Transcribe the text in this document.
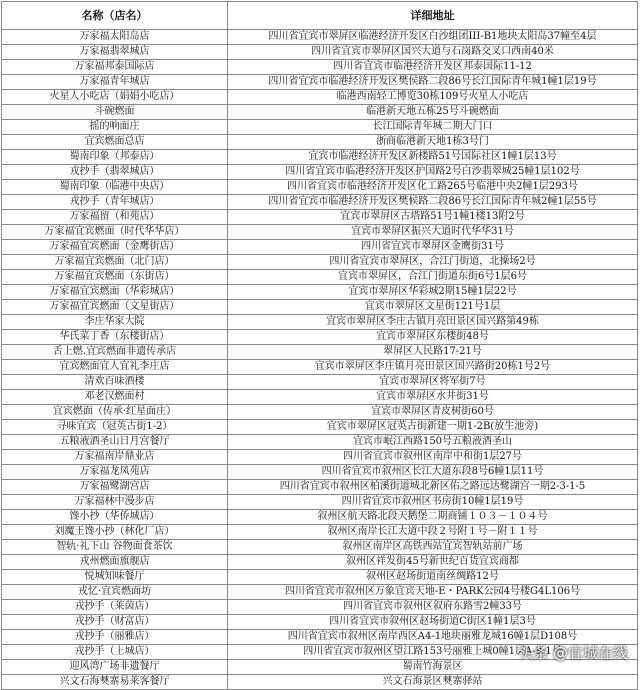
名称（店名）	详细地址
万家福太阳岛店	四川省宜宾市翠屏区临港经济开发区白沙组团III-B1地块太阳岛37幢至4层
万家福翡翠城店	四川省宜宾市翠屏区国兴大道与石岗路交叉口西南40米
万家福邦泰国际店	四川省宜宾市临港经济开发区邦泰国际11-12
万家福青年城店	四川省宜宾市临港经济开发区樊侯路二段86号长江国际青年城1幢1层19号
火星人小吃店（娟娟小吃店）	临港西南轻工博览30栋109号火星人小吃店
斗碗燃面	临港新天地五栋25号斗碗燃面
摇的响面庄	长江国际青年城二期大门口
宜宾燃面总店	浙商临港新天地1栋3号门
蜀南印象（邦泰店）	宜宾市临港经济开发区新楼路51号国际社区1幢1层13号
戎抄手（翡翠城店）	四川省宜宾市临港经济开发区护国路2号白沙翡翠城25幢1层102号
蜀南印象（临港中央店）	四川省宜宾市临港经济开发区化工路265号临港中央2幢1层293号
戎抄手（青年城店）	四川省宜宾市临港经济开发区樊候路二段86号长江国际青年城2幢1层55号
万家福留（和苑店）	宜宾市翠屏区古塔路51号1幢1楼13附2号
万家福宜宾燃面（时代华华店）	宜宾市翠屏区振兴大道时代华华31号
万家福宜宾燃面（金鹰街店）	四川省宜宾市翠屏区金鹰街31号
万家福宜宾燃面（北门店）	四川省宜宾市翠屏区，合江门街道，北操场2号
万家福宜宾燃面（东街店）	宜宾市翠屏区，合江门街道东街6号1层6号
万家福宜宾燃面（华彩城店）	宜宾市翠屏区华彩城2期15幢1层22号
万家福宜宾燃面（文星街店）	宜宾市翠屏区文星街121号1层
李庄华家大院	宜宾市翠屏区李庄古镇月亮田景区国兴路第49栋
华氏菜丁香（东楼街店）	宜宾市翠屏区东楼街48号
舌上燃.宜宾燃面非遗传承店	翠屏区人民路17-21号
宜宾燃面宜人宜礼李庄店	宜宾市翠屏区李庄镇月亮田景区国兴路街20栋1号2号
清欢百味酒楼	宜宾市翠屏区将军街7号
邓老汉燃面村	宜宾市翠屏区水井街31号
宜宾燃面（传承·红星面庄）	宜宾市翠屏区青皮树街60号
寻味宜宾（冠英古街1-2）	宜宾市翠屏区冠英古街新建一期1-2B(放生池旁)
五粮液酒圣山日月宫餐厅	宜宾市岷江西路150号五粮液酒圣山
万家福南岸鼎业店	四川省宜宾市叙州区南岸中和街1层27号
万家福龙凤苑店	四川省宜宾市叙州区长江大道东段8号6幢1层11号
万家福鹭湖宫店	四川省宜宾市叙州区柏溪街道城北新区佑之路远达鹭湖宫一期2-3-1-5
万家福林中漫步店	四川省宜宾市叙州区书房街10幢1层19号
馋小抄（华侨城店）	叙州区航天路北段天鹅堡二期商铺１０３－１０４号
刘魔王馋小抄（林化厂店）	叙州区南岸长江大道中段２号附１号－附１１号
智轨·礼下山 谷物面食茶饮	叙州区南岸区高铁西站宜宾智轨站前广场
戎州燃面旗舰店	叙州区祥发街45号新世纪百货宜宾商都
悦城知味餐厅	叙州区赵场街道南丝绸路12号
戎忆·宜宾燃面坊	四川省宜宾市叙州区万象宜宾天地-E・PARK公园4号楼G4L106号
戎抄手（莱茵店）	四川省宜宾市叙州区叙府东路雪2幢33号
戎抄手（财富店）	四川省宜宾市叙州区赵场街道C街区1幢1层3号
戎抄手（丽雅店）	四川省宜宾市叙州区南岸西区A4-1地块丽雅龙城16幢1层D108号
戎抄手（上城店）	四川省宜宾市叙州区望江路153号丽雅上城0幢1层A-9-1号
迎风湾广场非遗餐厅	蜀南竹海景区
兴文石海僰寨易莱客餐厅	兴文石海景区僰寨驿站
头条 @宜城在线
